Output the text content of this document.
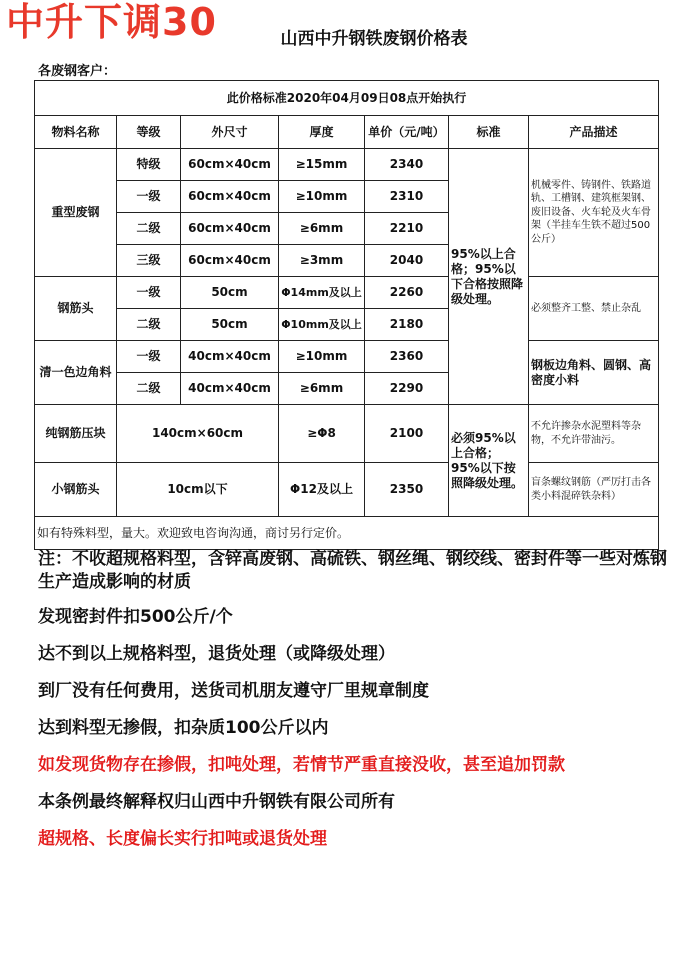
中升下调30	山西中升钢铁废钢价格表
各废钢客户：
此价格标准2020年04月09日08点开始执行						
物料名称	等级	外尺寸	厚度	单价（元/吨）	标准	产品描述
重型废钢	特级	60cm×40cm	≥15mm	2340	95%以上合格；95%以下合格按照降级处理。	机械零件、铸钢件、铁路道轨、工槽钢、建筑框架钢、废旧设备、火车轮及火车骨架（半挂车生铁不超过500公斤）
	一级	60cm×40cm	≥10mm	2310		
	二级	60cm×40cm	≥6mm	2210		
	三级	60cm×40cm	≥3mm	2040		
钢筋头	一级	50cm	Φ14mm及以上	2260		必须整齐工整、禁止杂乱
	二级	50cm	Φ10mm及以上	2180		
清一色边角料	一级	40cm×40cm	≥10mm	2360		钢板边角料、圆钢、高密度小料
	二级	40cm×40cm	≥6mm	2290		
纯钢筋压块	140cm×60cm		≥Φ8	2100	必须95%以上合格；95%以下按照降级处理。	不允许掺杂水泥塑料等杂物，不允许带油污。
小钢筋头	10cm以下		Φ12及以上	2350		盲条螺纹钢筋（严厉打击各类小料混碎铁杂料）
如有特殊料型，量大。欢迎致电咨询沟通，商讨另行定价。						
注：不收超规格料型，含锌高废钢、高硫铁、钢丝绳、钢绞线、密封件等一些对炼钢生产造成影响的材质
发现密封件扣500公斤/个
达不到以上规格料型，退货处理（或降级处理）
到厂没有任何费用，送货司机朋友遵守厂里规章制度
达到料型无掺假，扣杂质100公斤以内
如发现货物存在掺假，扣吨处理，若情节严重直接没收，甚至追加罚款
本条例最终解释权归山西中升钢铁有限公司所有
超规格、长度偏长实行扣吨或退货处理
